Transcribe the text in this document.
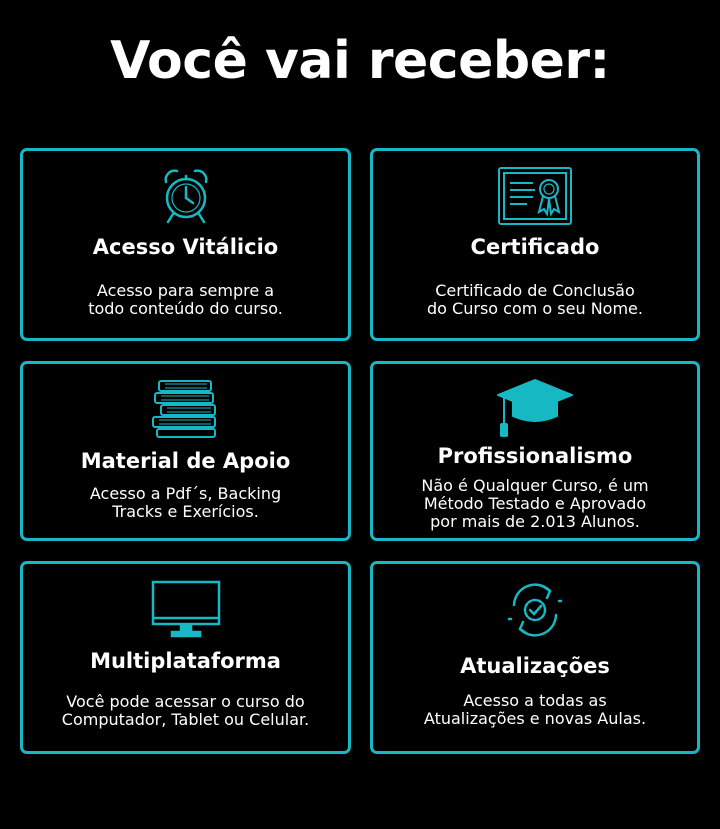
Você vai receber:
Acesso Vitálicio
Acesso para sempre a
todo conteúdo do curso.
Certificado
Certificado de Conclusão
do Curso com o seu Nome.
Material de Apoio
Acesso a Pdf´s, Backing
Tracks e Exerícios.
Profissionalismo
Não é Qualquer Curso, é um
Método Testado e Aprovado
por mais de 2.013 Alunos.
Multiplataforma
Você pode acessar o curso do
Computador, Tablet ou Celular.
Atualizações
Acesso a todas as
Atualizações e novas Aulas.
